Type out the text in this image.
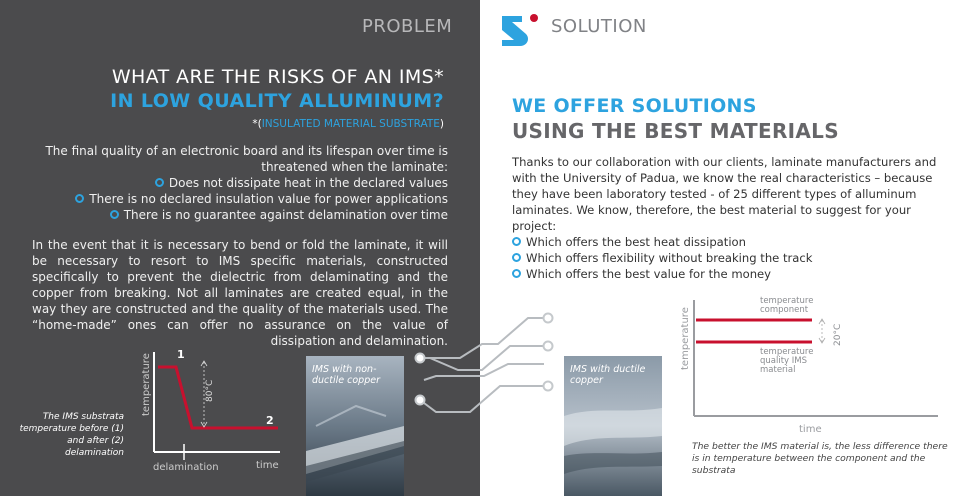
PROBLEM	SOLUTION
WHAT ARE THE RISKS OF AN IMS*
IN LOW QUALITY ALLUMINUM?
*(INSULATED MATERIAL SUBSTRATE)
The final quality of an electronic board and its lifespan over time is threatened when the laminate:
Does not dissipate heat in the declared values
There is no declared insulation value for power applications
There is no guarantee against delamination over time
In the event that it is necessary to bend or fold the laminate, it will be necessary to resort to IMS specific materials, constructed specifically to prevent the dielectric from delaminating and the copper from breaking. Not all laminates are created equal, in the way they are constructed and the quality of the materials used. The “home-made” ones can offer no assurance on the value of dissipation and delamination.
80°C
1
2
temperature
delamination	time
The IMS substrata temperature before (1) and after (2) delamination
IMS with non-ductile copper
IMS with ductile copper
WE OFFER SOLUTIONS
USING THE BEST MATERIALS
Thanks to our collaboration with our clients, laminate manufacturers and with the University of Padua, we know the real characteristics – because they have been laboratory tested - of 25 different types of alluminum laminates. We know, therefore, the best material to suggest for your project:
Which offers the best heat dissipation
Which offers flexibility without breaking the track
Which offers the best value for the money
20°C
temperature component
temperature quality IMS material
temperature
time
The better the IMS material is, the less difference there is in temperature between the component and the substrata
